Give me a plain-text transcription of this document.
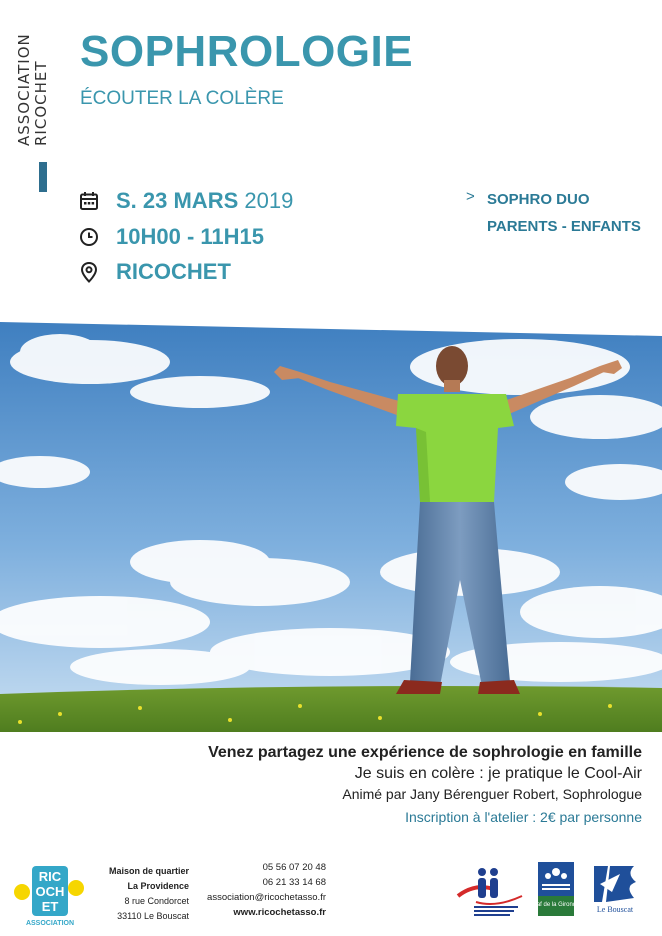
ASSOCIATION
RICOCHET
SOPHROLOGIE
ÉCOUTER LA COLÈRE
S. 23 MARS 2019
10H00 - 11H15
RICOCHET
> SOPHRO DUO
PARENTS - ENFANTS
Venez partagez une expérience de sophrologie en famille
Je suis en colère : je pratique le Cool-Air
Animé par Jany Bérenguer Robert, Sophrologue
Inscription à l'atelier : 2€ par personne
RIC
OCH
ET
ASSOCIATION
Maison de quartier
La Providence
8 rue Condorcet
33110 Le Bouscat
05 56 07 20 48
06 21 33 14 68
association@ricochetasso.fr
www.ricochetasso.fr
Caf de la Gironde Le Bouscat
